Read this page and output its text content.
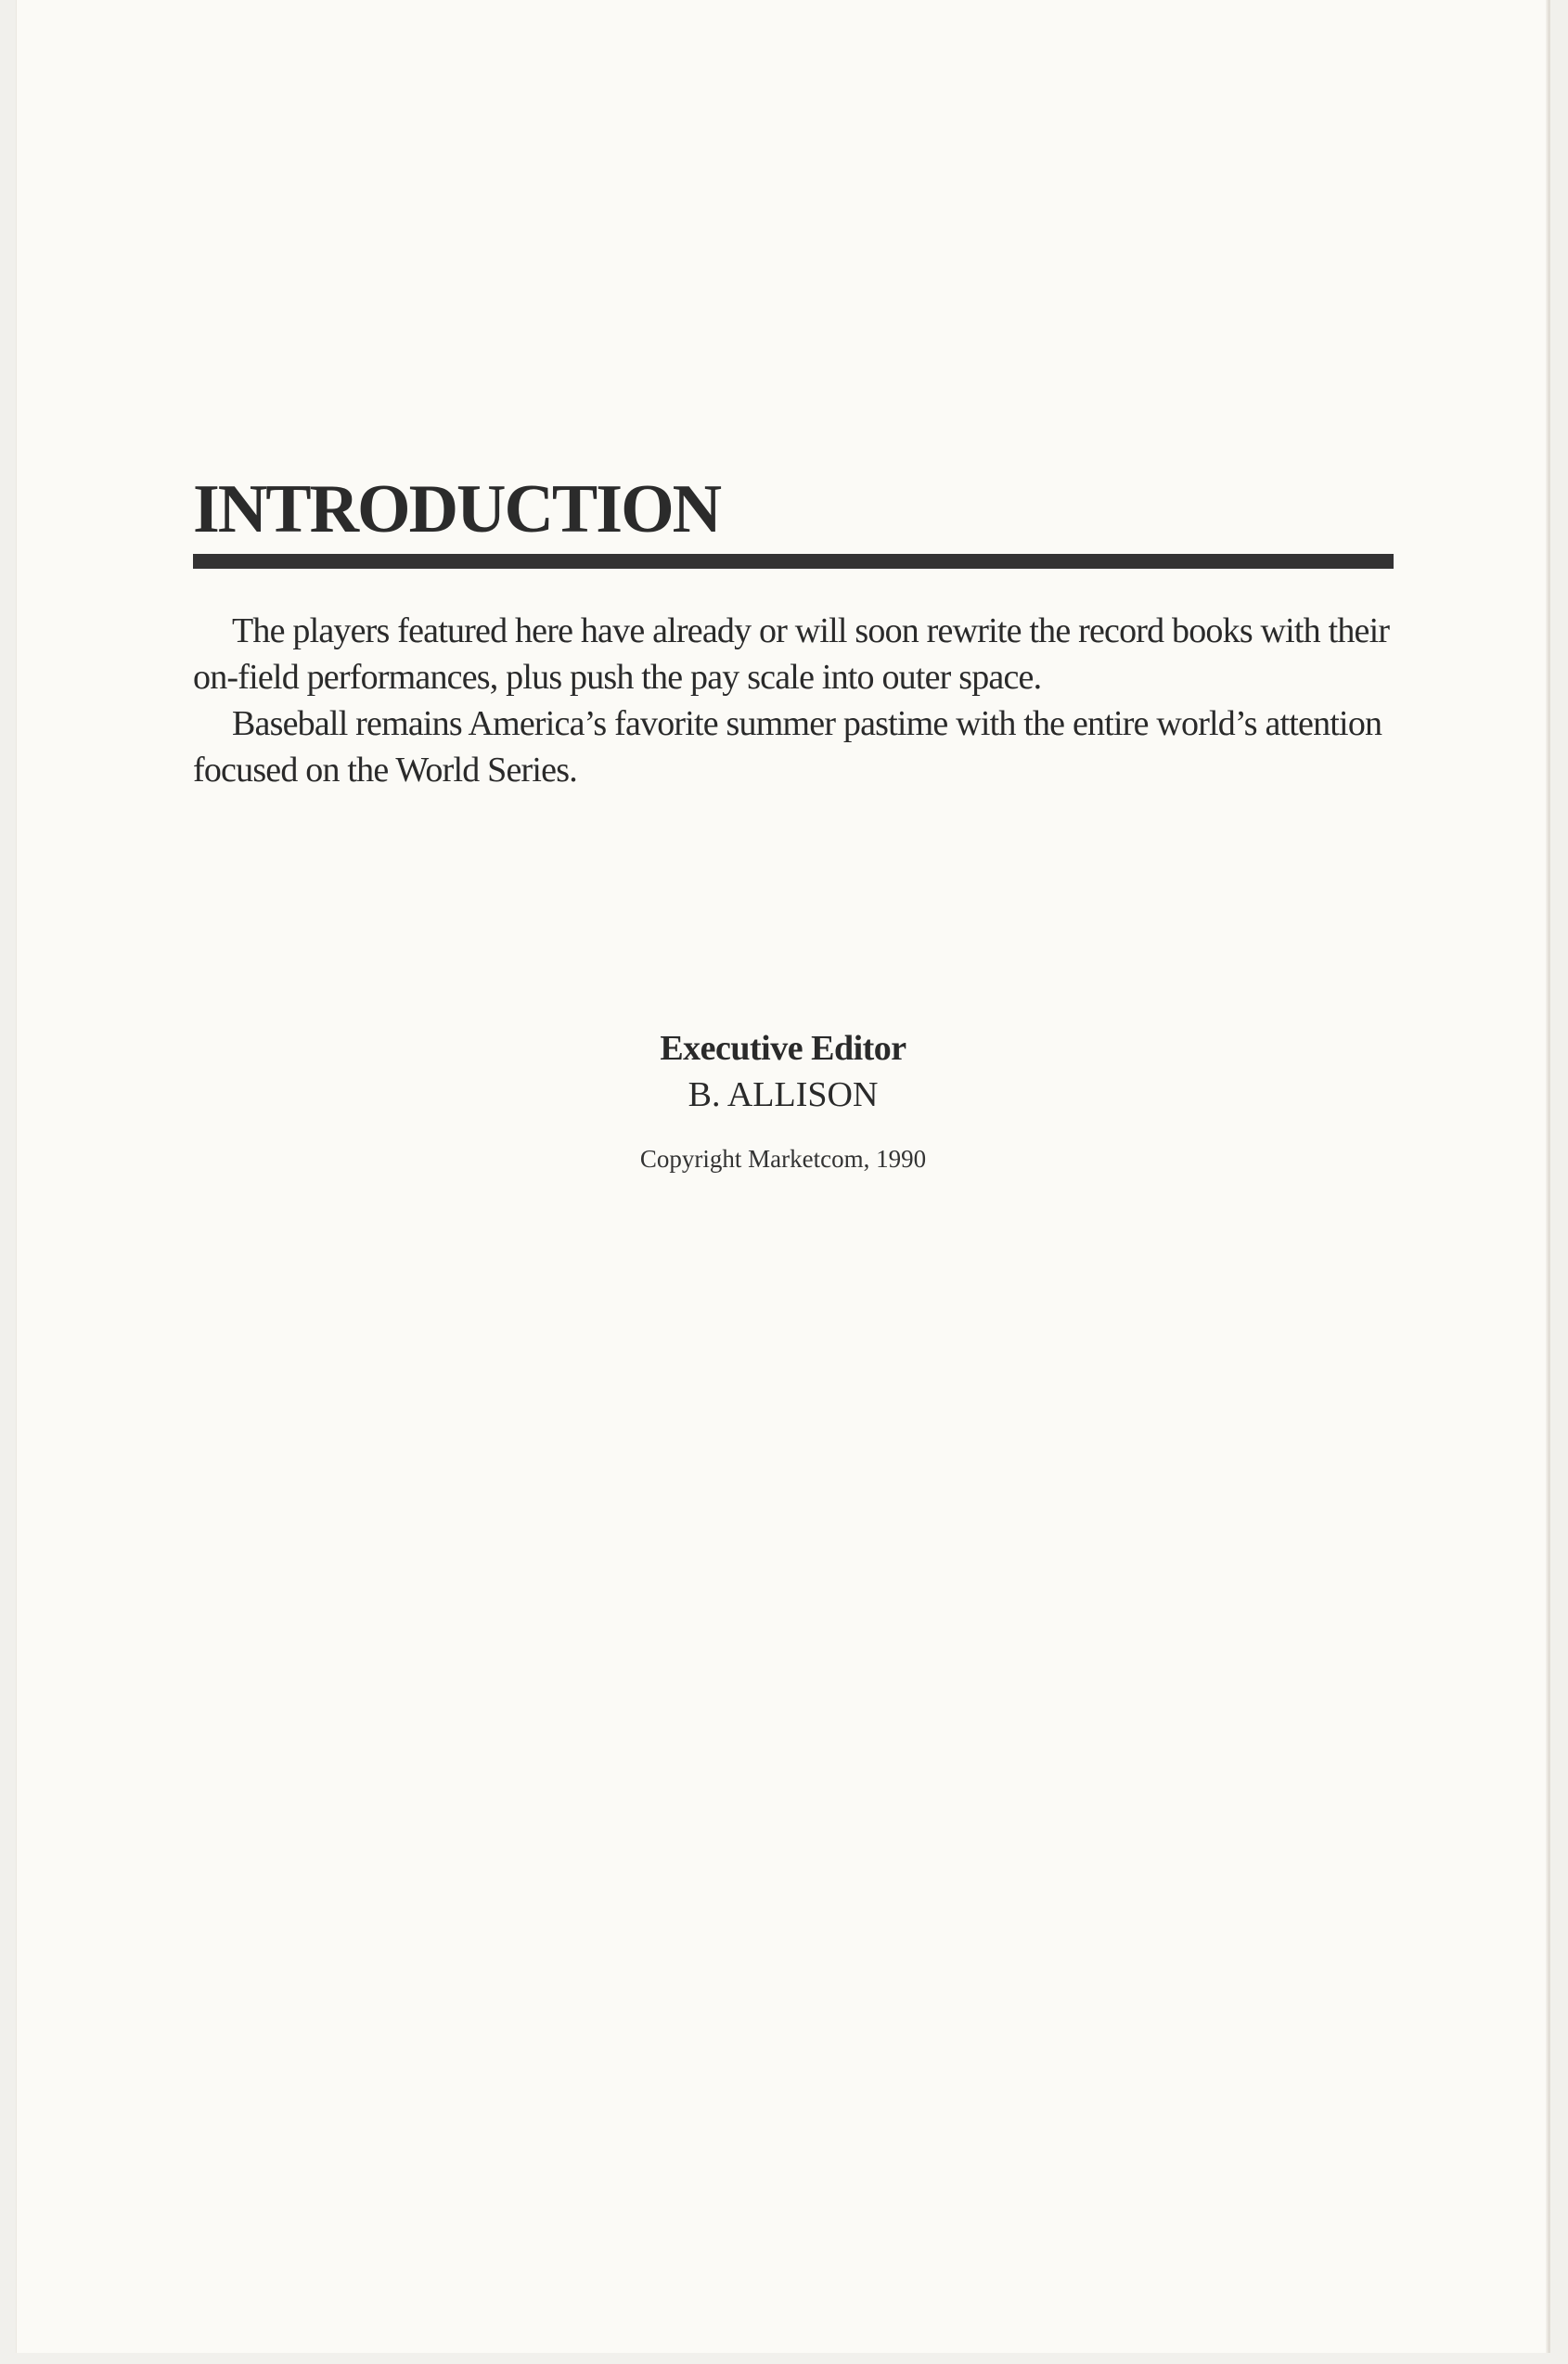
INTRODUCTION

The players featured here have already or will soon rewrite the record books with their on-field performances, plus push the pay scale into outer space.

Baseball remains America’s favorite summer pastime with the entire world’s attention focused on the World Series.

Executive Editor

B. ALLISON

Copyright Marketcom, 1990
